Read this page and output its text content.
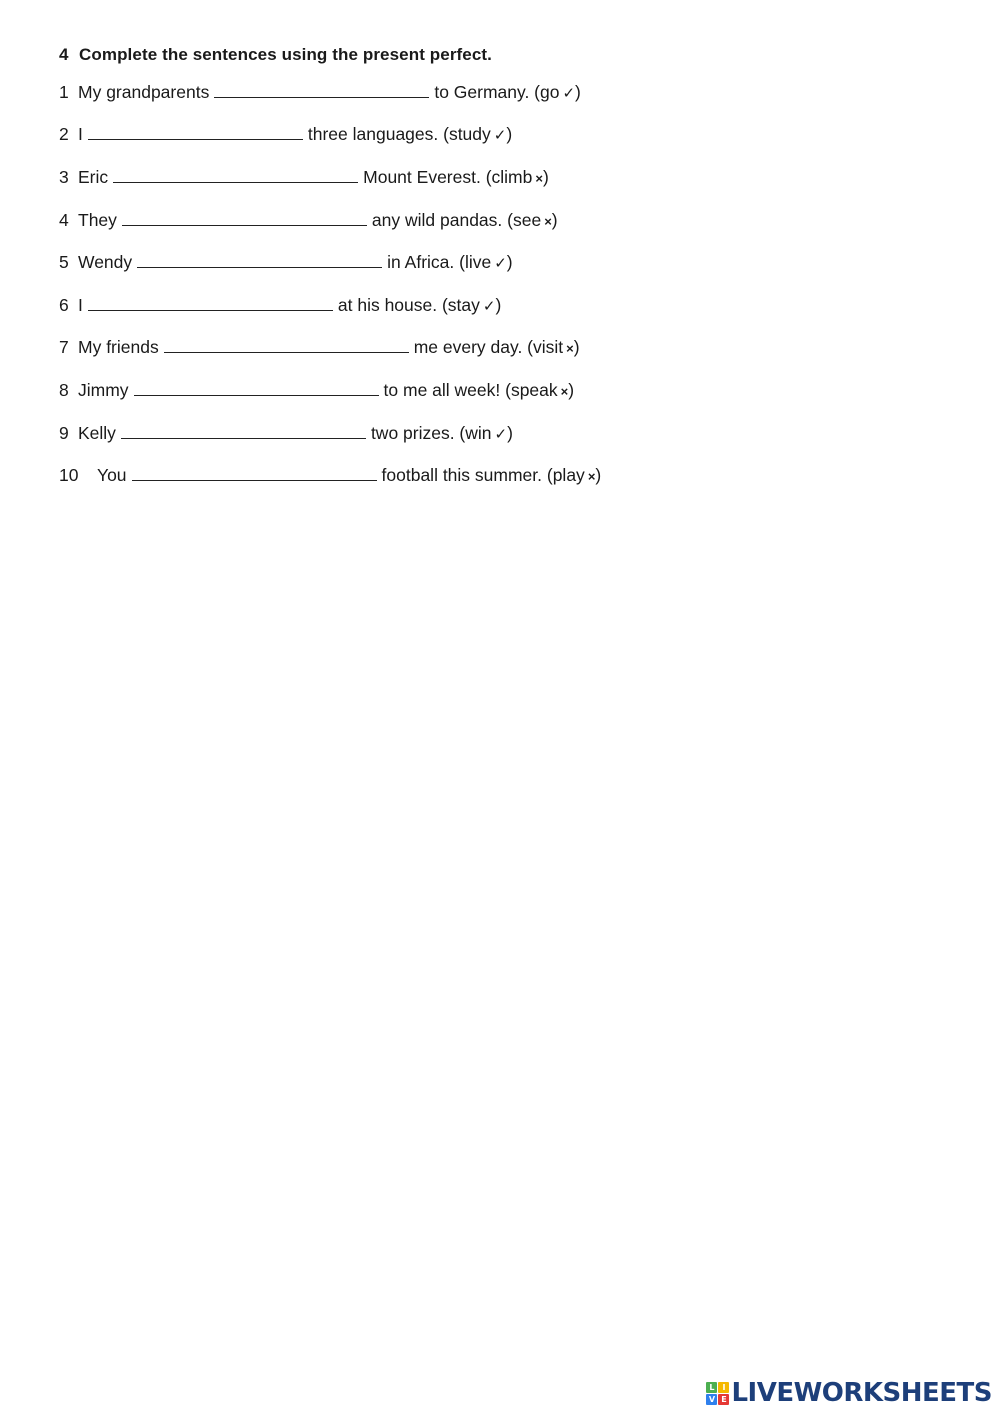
4 Complete the sentences using the present perfect.
1 My grandparents	to Germany. (go ✓)
2 I	three languages. (study ✓)
3 Eric	Mount Everest. (climb ×)
4 They	any wild pandas. (see ×)
5 Wendy	in Africa. (live ✓)
6 I	at his house. (stay ✓)
7 My friends	me every day. (visit ×)
8 Jimmy	to me all week! (speak ×)
9 Kelly	two prizes. (win ✓)
10 You	football this summer. (play ×)
L I
V E LIVEWORKSHEETS
